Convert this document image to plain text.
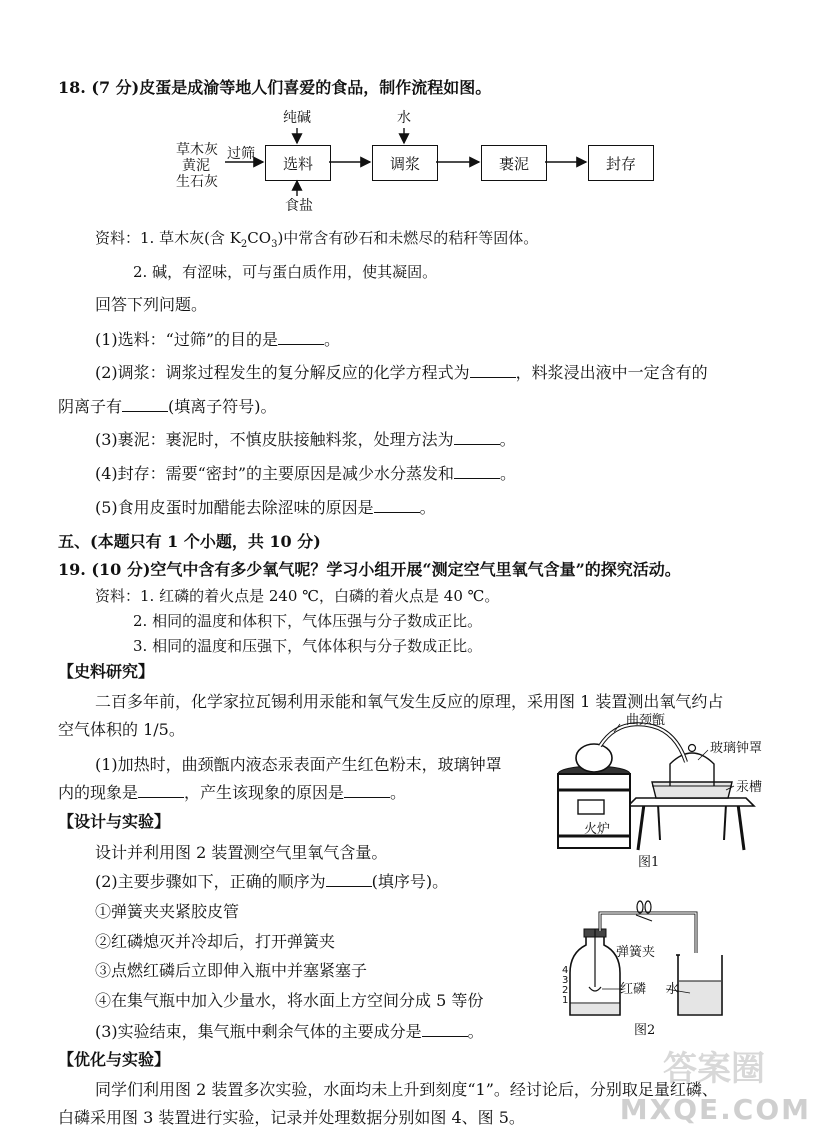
18. (7 分)皮蛋是成渝等地人们喜爱的食品，制作流程如图。
草木灰
黄泥
生石灰
过筛
纯碱	水
食盐
选料	调浆	裹泥	封存
资料：1. 草木灰(含 $K_2CO_3$)中常含有砂石和未燃尽的秸秆等固体。
2. 碱，有涩味，可与蛋白质作用，使其凝固。
回答下列问题。
(1)选料：“过筛”的目的是	。
(2)调浆：调浆过程发生的复分解反应的化学方程式为	，料浆浸出液中一定含有的
阴离子有	(填离子符号)。
(3)裹泥：裹泥时，不慎皮肤接触料浆，处理方法为	。
(4)封存：需要“密封”的主要原因是减少水分蒸发和	。
(5)食用皮蛋时加醋能去除涩味的原因是	。
五、(本题只有 1 个小题，共 10 分)
19. (10 分)空气中含有多少氧气呢？学习小组开展“测定空气里氧气含量”的探究活动。
资料：1. 红磷的着火点是 240 ℃，白磷的着火点是 40 ℃。
2. 相同的温度和体积下，气体压强与分子数成正比。
3. 相同的温度和压强下，气体体积与分子数成正比。
【史料研究】
二百多年前，化学家拉瓦锡利用汞能和氧气发生反应的原理，采用图 1 装置测出氧气约占
空气体积的 1/5。
(1)加热时，曲颈甑内液态汞表面产生红色粉末，玻璃钟罩
内的现象是	，产生该现象的原因是	。
【设计与实验】
设计并利用图 2 装置测空气里氧气含量。
(2)主要步骤如下，正确的顺序为	(填序号)。
①弹簧夹夹紧胶皮管
②红磷熄灭并冷却后，打开弹簧夹
③点燃红磷后立即伸入瓶中并塞紧塞子
④在集气瓶中加入少量水，将水面上方空间分成 5 等份
(3)实验结束，集气瓶中剩余气体的主要成分是	。
【优化与实验】
同学们利用图 2 装置多次实验，水面均未上升到刻度“1”。经讨论后，分别取足量红磷、
白磷采用图 3 装置进行实验，记录并处理数据分别如图 4、图 5。
曲颈甑
玻璃钟罩
汞槽
火炉
图1
4
3
2
1
弹簧夹
红磷 水
图2
答案圈
MXQE.COM
